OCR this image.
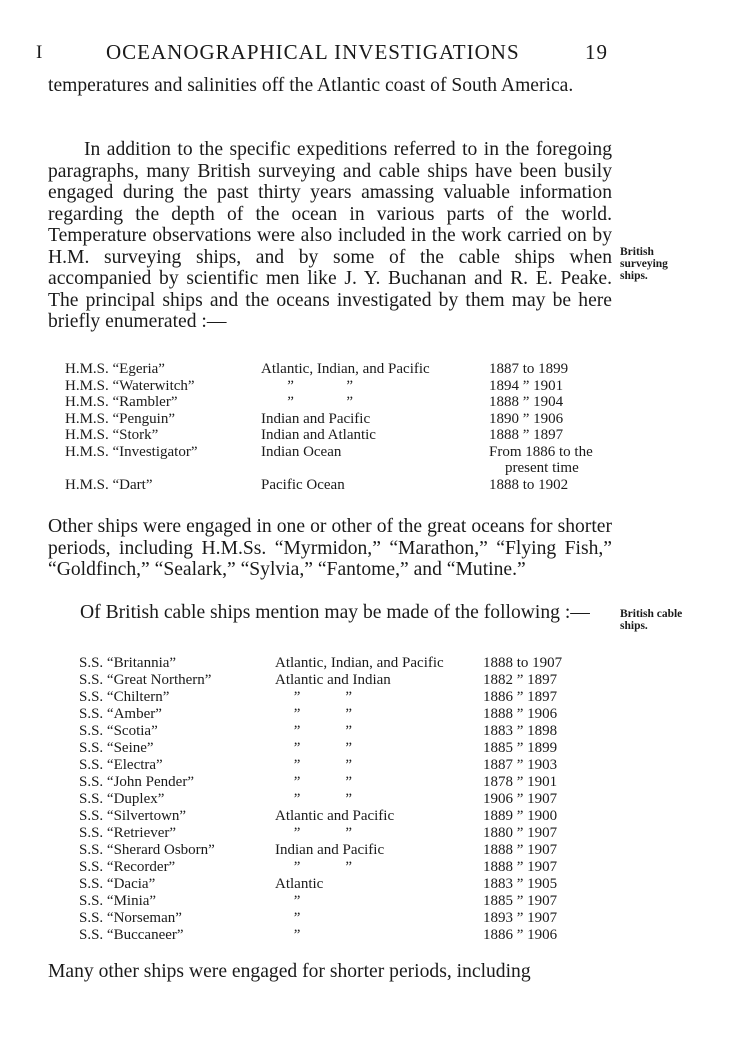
I	OCEANOGRAPHICAL INVESTIGATIONS	19

temperatures and salinities off the Atlantic coast of South America.

In addition to the specific expeditions referred to in the foregoing paragraphs, many British surveying and cable ships have been busily engaged during the past thirty years amassing valuable information regarding the depth of the ocean in various parts of the world. Temperature observations were also included in the work carried on by H.M. surveying ships, and by some of the cable ships when accompanied by scientific men like J. Y. Buchanan and R. E. Peake. The principal ships and the oceans investigated by them may be here briefly enumerated :—

British surveying ships.
H.M.S. “Egeria”	Atlantic, Indian, and Pacific	1887 to 1899
H.M.S. “Waterwitch”	”              ”	1894 ” 1901
H.M.S. “Rambler”	”              ”	1888 ” 1904
H.M.S. “Penguin”	Indian and Pacific	1890 ” 1906
H.M.S. “Stork”	Indian and Atlantic	1888 ” 1897
H.M.S. “Investigator”	Indian Ocean	From 1886 to the
present time

H.M.S. “Dart”	Pacific Ocean	1888 to 1902

Other ships were engaged in one or other of the great oceans for shorter periods, including H.M.Ss. “Myrmidon,” “Marathon,” “Flying Fish,” “Goldfinch,” “Sealark,” “Sylvia,” “Fantome,” and “Mutine.”

Of British cable ships mention may be made of the following :—	British cable ships.
S.S. “Britannia”	Atlantic, Indian, and Pacific	1888 to 1907
S.S. “Great Northern”	Atlantic and Indian	1882 ” 1897
S.S. “Chiltern”	”            ”	1886 ” 1897
S.S. “Amber”	”            ”	1888 ” 1906
S.S. “Scotia”	”            ”	1883 ” 1898
S.S. “Seine”	”            ”	1885 ” 1899
S.S. “Electra”	”            ”	1887 ” 1903
S.S. “John Pender”	”            ”	1878 ” 1901
S.S. “Duplex”	”            ”	1906 ” 1907
S.S. “Silvertown”	Atlantic and Pacific	1889 ” 1900
S.S. “Retriever”	”            ”	1880 ” 1907
S.S. “Sherard Osborn”	Indian and Pacific	1888 ” 1907
S.S. “Recorder”	”            ”	1888 ” 1907
S.S. “Dacia”	Atlantic	1883 ” 1905
S.S. “Minia”	”	1885 ” 1907
S.S. “Norseman”	”	1893 ” 1907
S.S. “Buccaneer”	”	1886 ” 1906

Many other ships were engaged for shorter periods, including
